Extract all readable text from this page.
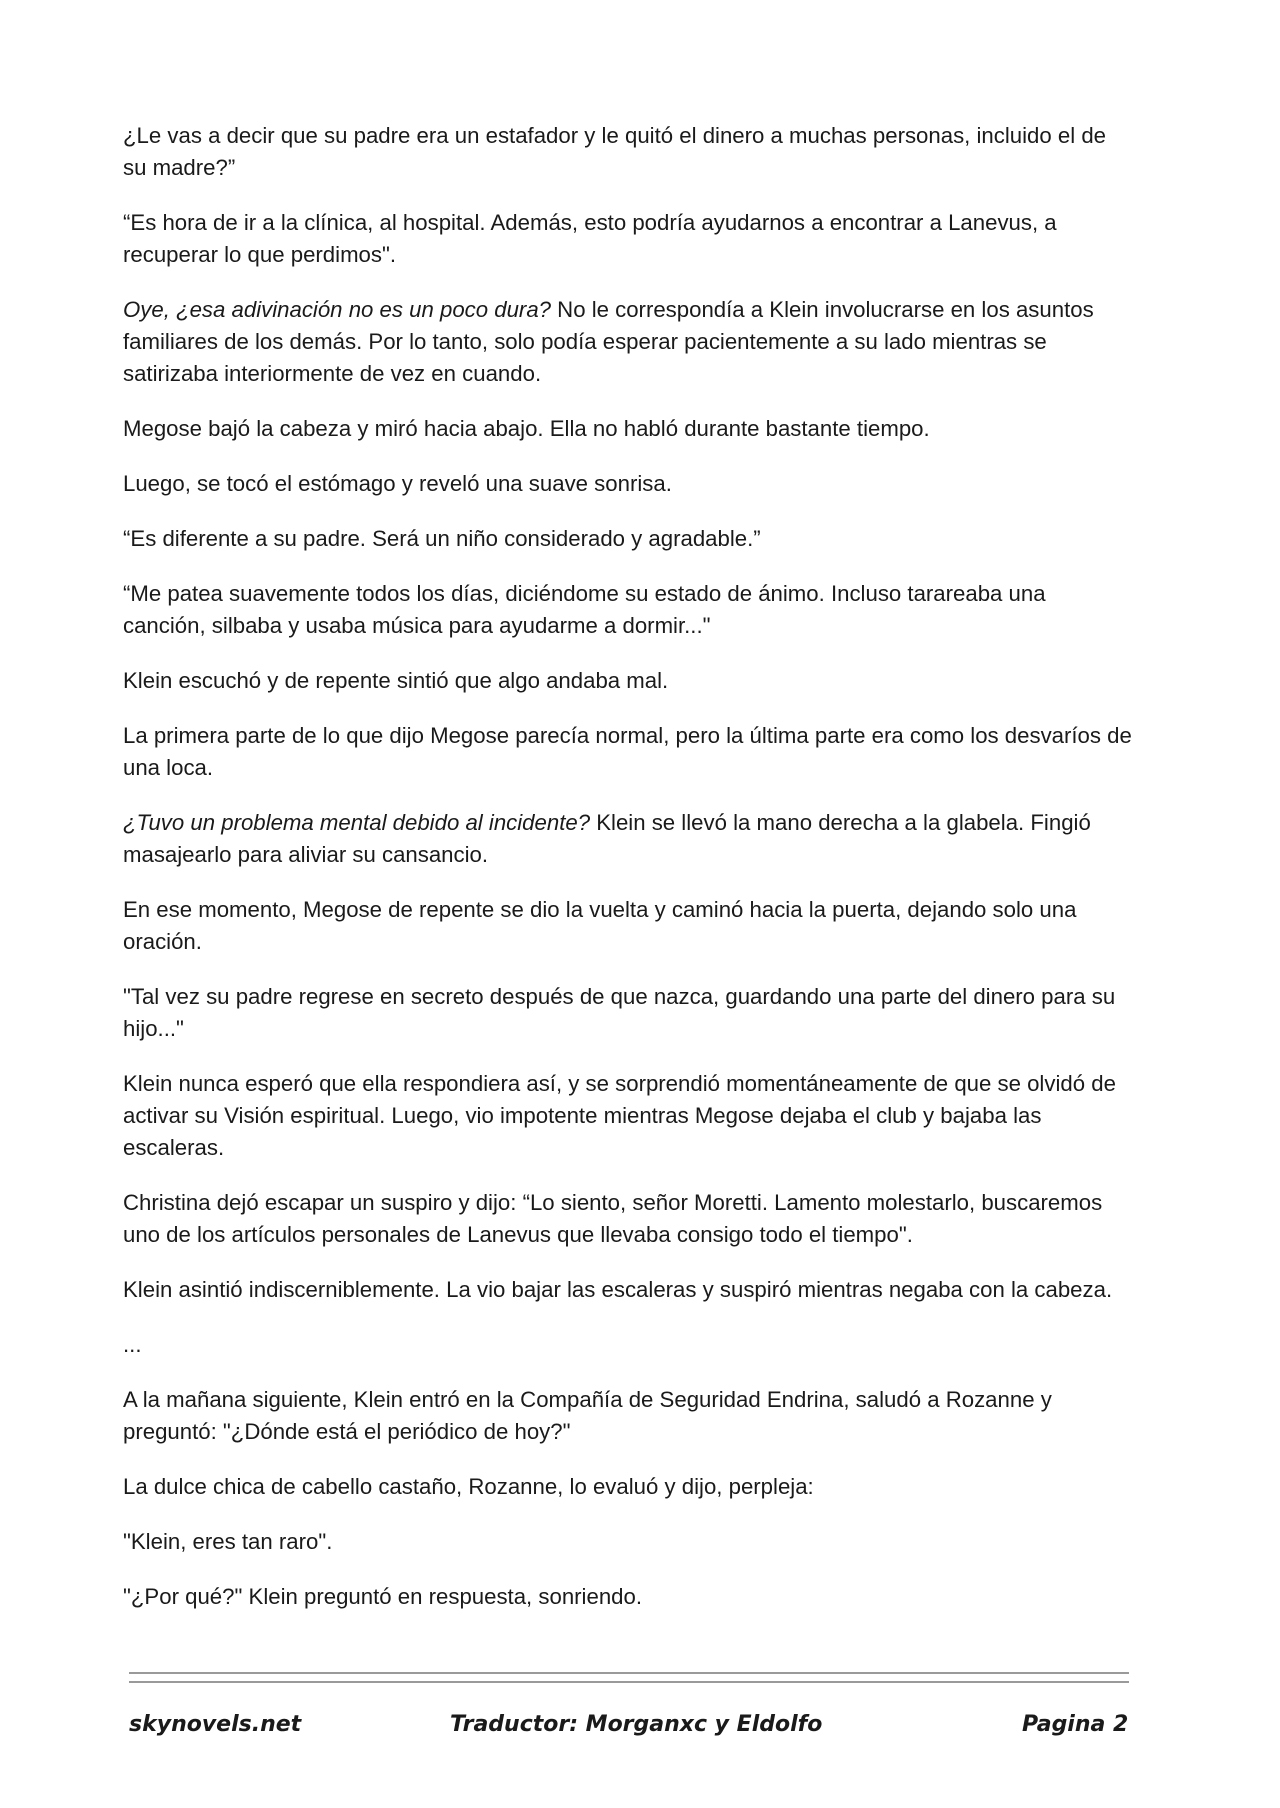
¿Le vas a decir que su padre era un estafador y le quitó el dinero a muchas personas, incluido el de su madre?”

“Es hora de ir a la clínica, al hospital. Además, esto podría ayudarnos a encontrar a Lanevus, a recuperar lo que perdimos".

Oye, ¿esa adivinación no es un poco dura? No le correspondía a Klein involucrarse en los asuntos familiares de los demás. Por lo tanto, solo podía esperar pacientemente a su lado mientras se satirizaba interiormente de vez en cuando.

Megose bajó la cabeza y miró hacia abajo. Ella no habló durante bastante tiempo.

Luego, se tocó el estómago y reveló una suave sonrisa.

“Es diferente a su padre. Será un niño considerado y agradable.”

“Me patea suavemente todos los días, diciéndome su estado de ánimo. Incluso tarareaba una canción, silbaba y usaba música para ayudarme a dormir..."

Klein escuchó y de repente sintió que algo andaba mal.

La primera parte de lo que dijo Megose parecía normal, pero la última parte era como los desvaríos de una loca.

¿Tuvo un problema mental debido al incidente? Klein se llevó la mano derecha a la glabela. Fingió masajearlo para aliviar su cansancio.

En ese momento, Megose de repente se dio la vuelta y caminó hacia la puerta, dejando solo una oración.

"Tal vez su padre regrese en secreto después de que nazca, guardando una parte del dinero para su hijo..."

Klein nunca esperó que ella respondiera así, y se sorprendió momentáneamente de que se olvidó de activar su Visión espiritual. Luego, vio impotente mientras Megose dejaba el club y bajaba las escaleras.

Christina dejó escapar un suspiro y dijo: “Lo siento, señor Moretti. Lamento molestarlo, buscaremos uno de los artículos personales de Lanevus que llevaba consigo todo el tiempo".

Klein asintió indiscerniblemente. La vio bajar las escaleras y suspiró mientras negaba con la cabeza.

...

A la mañana siguiente, Klein entró en la Compañía de Seguridad Endrina, saludó a Rozanne y preguntó: "¿Dónde está el periódico de hoy?"

La dulce chica de cabello castaño, Rozanne, lo evaluó y dijo, perpleja:

"Klein, eres tan raro".

"¿Por qué?" Klein preguntó en respuesta, sonriendo.

skynovels.net	Traductor: Morganxc y Eldolfo	Pagina 2
